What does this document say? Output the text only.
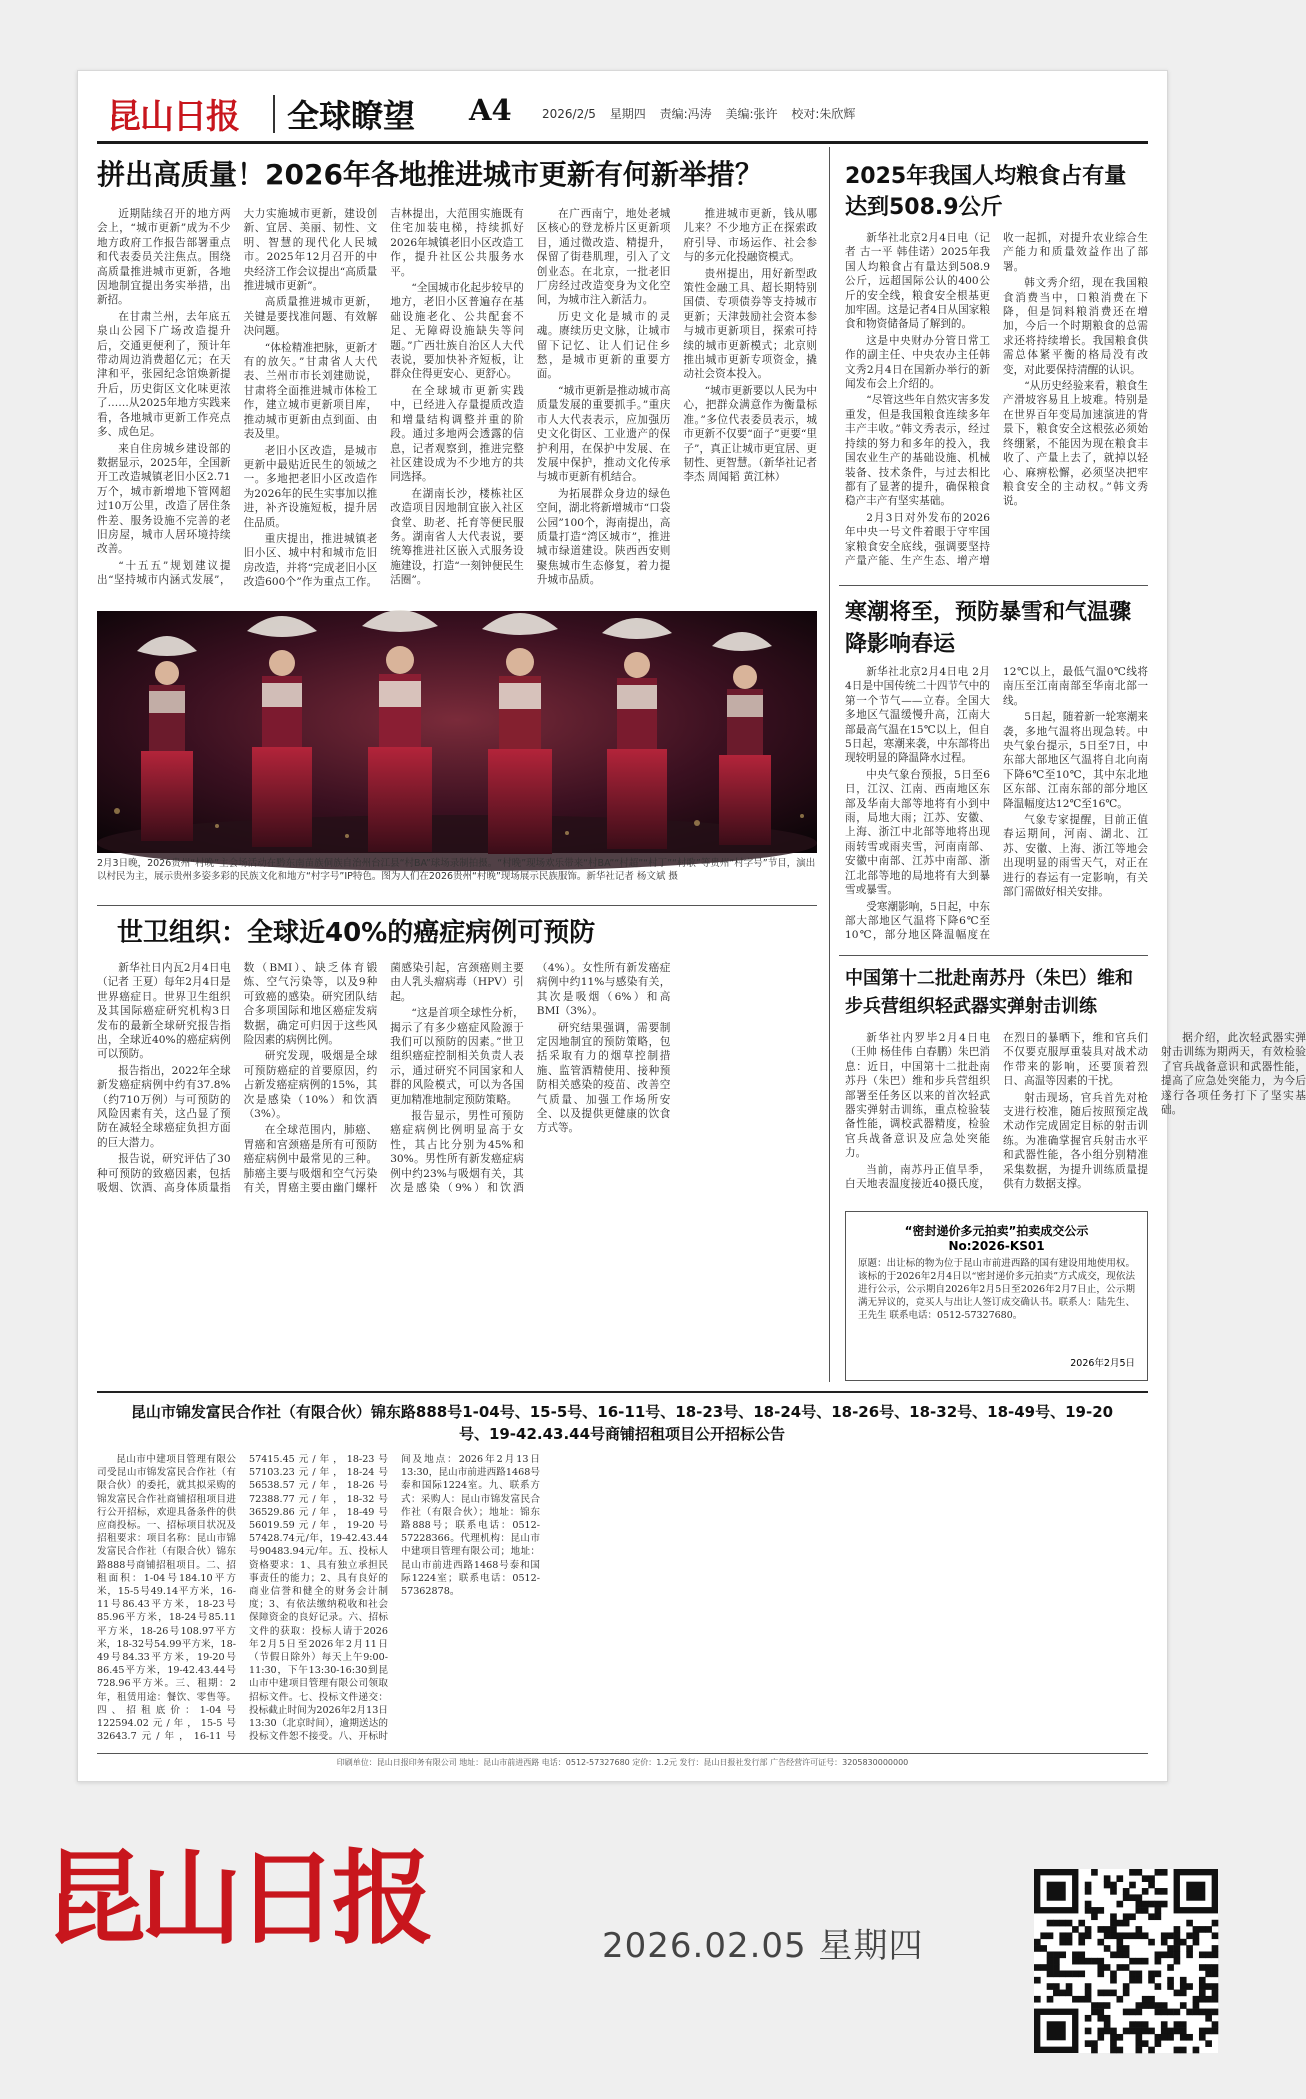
昆山日报 全球瞭望 A4	2026/2/5 星期四 责编:冯涛 美编:张许 校对:朱欣辉
拼出高质量！2026年各地推进城市更新有何新举措？

近期陆续召开的地方两会上，“城市更新”成为不少地方政府工作报告部署重点和代表委员关注焦点。围绕高质量推进城市更新，各地因地制宜提出务实举措，出新招。

在甘肃兰州，去年底五泉山公园下广场改造提升后，交通更便利了，预计年带动周边消费超亿元；在天津和平，张园纪念馆焕新提升后，历史街区文化味更浓了……从2025年地方实践来看，各地城市更新工作亮点多、成色足。

来自住房城乡建设部的数据显示，2025年，全国新开工改造城镇老旧小区2.71万个，城市新增地下管网超过10万公里，改造了居住条件差、服务设施不完善的老旧房屋，城市人居环境持续改善。

“十五五”规划建议提出“坚持城市内涵式发展”，大力实施城市更新，建设创新、宜居、美丽、韧性、文明、智慧的现代化人民城市。2025年12月召开的中央经济工作会议提出“高质量推进城市更新”。

高质量推进城市更新，关键是要找准问题、有效解决问题。

“体检精准把脉，更新才有的放矢。”甘肃省人大代表、兰州市市长刘建勋说，甘肃将全面推进城市体检工作，建立城市更新项目库，推动城市更新由点到面、由表及里。

老旧小区改造，是城市更新中最贴近民生的领域之一。多地把老旧小区改造作为2026年的民生实事加以推进，补齐设施短板，提升居住品质。

重庆提出，推进城镇老旧小区、城中村和城市危旧房改造，并将“完成老旧小区改造600个”作为重点工作。吉林提出，大范围实施既有住宅加装电梯，持续抓好2026年城镇老旧小区改造工作，提升社区公共服务水平。

“全国城市化起步较早的地方，老旧小区普遍存在基础设施老化、公共配套不足、无障碍设施缺失等问题。”广西壮族自治区人大代表说，要加快补齐短板，让群众住得更安心、更舒心。

在全球城市更新实践中，已经进入存量提质改造和增量结构调整并重的阶段。通过多地两会透露的信息，记者观察到，推进完整社区建设成为不少地方的共同选择。

在湖南长沙，楼栋社区改造项目因地制宜嵌入社区食堂、助老、托育等便民服务。湖南省人大代表说，要统筹推进社区嵌入式服务设施建设，打造“一刻钟便民生活圈”。

在广西南宁，地处老城区核心的登龙桥片区更新项目，通过微改造、精提升，保留了街巷肌理，引入了文创业态。在北京，一批老旧厂房经过改造变身为文化空间，为城市注入新活力。

历史文化是城市的灵魂。赓续历史文脉，让城市留下记忆、让人们记住乡愁，是城市更新的重要方面。

“城市更新是推动城市高质量发展的重要抓手。”重庆市人大代表表示，应加强历史文化街区、工业遗产的保护利用，在保护中发展、在发展中保护，推动文化传承与城市更新有机结合。

为拓展群众身边的绿色空间，湖北将新增城市“口袋公园”100个，海南提出，高质量打造“湾区城市”，推进城市绿道建设。陕西西安则聚焦城市生态修复，着力提升城市品质。

推进城市更新，钱从哪儿来？不少地方正在探索政府引导、市场运作、社会参与的多元化投融资模式。

贵州提出，用好新型政策性金融工具、超长期特别国债、专项债券等支持城市更新；天津鼓励社会资本参与城市更新项目，探索可持续的城市更新模式；北京则推出城市更新专项资金，撬动社会资本投入。

“城市更新要以人民为中心，把群众满意作为衡量标准。”多位代表委员表示，城市更新不仅要“面子”更要“里子”，真正让城市更宜居、更韧性、更智慧。（新华社记者 李杰 周闻韬 黄江林）

2月3日晚，2026贵州“村晚”主会场活动在黔东南苗族侗族自治州台江县“村BA”球场录制拍摄。“村晚”现场欢乐带来“村BA”“村超”“村丁”“村歌”等贵州“村字号”节目，演出以村民为主，展示贵州多姿多彩的民族文化和地方“村字号”IP特色。图为人们在2026贵州“村晚”现场展示民族服饰。新华社记者 杨文斌 摄
世卫组织：全球近40%的癌症病例可预防

新华社日内瓦2月4日电（记者 王夏）每年2月4日是世界癌症日。世界卫生组织及其国际癌症研究机构3日发布的最新全球研究报告指出，全球近40%的癌症病例可以预防。

报告指出，2022年全球新发癌症病例中约有37.8%（约710万例）与可预防的风险因素有关，这凸显了预防在减轻全球癌症负担方面的巨大潜力。

报告说，研究评估了30种可预防的致癌因素，包括吸烟、饮酒、高身体质量指数（BMI）、缺乏体育锻炼、空气污染等，以及9种可致癌的感染。研究团队结合多项国际和地区癌症发病数据，确定可归因于这些风险因素的病例比例。

研究发现，吸烟是全球可预防癌症的首要原因，约占新发癌症病例的15%，其次是感染（10%）和饮酒（3%）。

在全球范围内，肺癌、胃癌和宫颈癌是所有可预防癌症病例中最常见的三种。肺癌主要与吸烟和空气污染有关，胃癌主要由幽门螺杆菌感染引起，宫颈癌则主要由人乳头瘤病毒（HPV）引起。

“这是首项全球性分析，揭示了有多少癌症风险源于我们可以预防的因素。”世卫组织癌症控制相关负责人表示，通过研究不同国家和人群的风险模式，可以为各国更加精准地制定预防策略。

报告显示，男性可预防癌症病例比例明显高于女性，其占比分别为45%和30%。男性所有新发癌症病例中约23%与吸烟有关，其次是感染（9%）和饮酒（4%）。女性所有新发癌症病例中约11%与感染有关，其次是吸烟（6%）和高BMI（3%）。

研究结果强调，需要制定因地制宜的预防策略，包括采取有力的烟草控制措施、监管酒精使用、接种预防相关感染的疫苗、改善空气质量、加强工作场所安全、以及提供更健康的饮食方式等。

2025年我国人均粮食占有量达到508.9公斤

新华社北京2月4日电（记者 古一平 韩佳诺）2025年我国人均粮食占有量达到508.9公斤，远超国际公认的400公斤的安全线，粮食安全根基更加牢固。这是记者4日从国家粮食和物资储备局了解到的。

这是中央财办分管日常工作的副主任、中央农办主任韩文秀2月4日在国新办举行的新闻发布会上介绍的。

“尽管这些年自然灾害多发重发，但是我国粮食连续多年丰产丰收。”韩文秀表示，经过持续的努力和多年的投入，我国农业生产的基础设施、机械装备、技术条件，与过去相比都有了显著的提升，确保粮食稳产丰产有坚实基础。

2月3日对外发布的2026年中央一号文件着眼于守牢国家粮食安全底线，强调要坚持产量产能、生产生态、增产增收一起抓，对提升农业综合生产能力和质量效益作出了部署。

韩文秀介绍，现在我国粮食消费当中，口粮消费在下降，但是饲料粮消费还在增加，今后一个时期粮食的总需求还将持续增长。我国粮食供需总体紧平衡的格局没有改变，对此要保持清醒的认识。

“从历史经验来看，粮食生产滑坡容易且上坡难。特别是在世界百年变局加速演进的背景下，粮食安全这根弦必须始终绷紧，不能因为现在粮食丰收了、产量上去了，就掉以轻心、麻痹松懈，必须坚决把牢粮食安全的主动权。”韩文秀说。

寒潮将至，预防暴雪和气温骤降影响春运

新华社北京2月4日电 2月4日是中国传统二十四节气中的第一个节气——立春。全国大多地区气温缓慢升高，江南大部最高气温在15℃以上，但自5日起，寒潮来袭，中东部将出现较明显的降温降水过程。

中央气象台预报，5日至6日，江汉、江南、西南地区东部及华南大部等地将有小到中雨，局地大雨；江苏、安徽、上海、浙江中北部等地将出现雨转雪或雨夹雪，河南南部、安徽中南部、江苏中南部、浙江北部等地的局地将有大到暴雪或暴雪。

受寒潮影响，5日起，中东部大部地区气温将下降6℃至10℃，部分地区降温幅度在12℃以上，最低气温0℃线将南压至江南南部至华南北部一线。

5日起，随着新一轮寒潮来袭，多地气温将出现急转。中央气象台提示，5日至7日，中东部大部地区气温将自北向南下降6℃至10℃，其中东北地区东部、江南东部的部分地区降温幅度达12℃至16℃。

气象专家提醒，目前正值春运期间，河南、湖北、江苏、安徽、上海、浙江等地会出现明显的雨雪天气，对正在进行的春运有一定影响，有关部门需做好相关安排。

中国第十二批赴南苏丹（朱巴）维和步兵营组织轻武器实弹射击训练

新华社内罗毕2月4日电（王帅 杨佳伟 白春鹏）朱巴消息：近日，中国第十二批赴南苏丹（朱巴）维和步兵营组织部署至任务区以来的首次轻武器实弹射击训练，重点检验装备性能，调校武器精度，检验官兵战备意识及应急处突能力。

当前，南苏丹正值旱季，白天地表温度接近40摄氏度，在烈日的暴晒下，维和官兵们不仅要克服厚重装具对战术动作带来的影响，还要顶着烈日、高温等因素的干扰。

射击现场，官兵首先对枪支进行校准，随后按照预定战术动作完成固定目标的射击训练。为准确掌握官兵射击水平和武器性能，各小组分别精准采集数据，为提升训练质量提供有力数据支撑。

据介绍，此次轻武器实弹射击训练为期两天，有效检验了官兵战备意识和武器性能，提高了应急处突能力，为今后遂行各项任务打下了坚实基础。

“密封递价多元拍卖”拍卖成交公示
No:2026-KS01
原题：出让标的物为位于昆山市前进西路的国有建设用地使用权。该标的于2026年2月4日以“密封递价多元拍卖”方式成交，现依法进行公示，公示期自2026年2月5日至2026年2月7日止，公示期满无异议的，竞买人与出让人签订成交确认书。联系人：陆先生、王先生 联系电话：0512-57327680。
2026年2月5日
昆山市锦发富民合作社（有限合伙）锦东路888号1-04号、15-5号、16-11号、18-23号、18-24号、18-26号、18-32号、18-49号、19-20号、19-42.43.44号商铺招租项目公开招标公告

昆山市中建项目管理有限公司受昆山市锦发富民合作社（有限合伙）的委托，就其拟采购的锦发富民合作社商铺招租项目进行公开招标，欢迎具备条件的供应商投标。一、招标项目状况及招租要求：项目名称：昆山市锦发富民合作社（有限合伙）锦东路888号商铺招租项目。二、招租面积：1-04号184.10平方米，15-5号49.14平方米，16-11号86.43平方米，18-23号85.96平方米，18-24号85.11平方米，18-26号108.97平方米，18-32号54.99平方米，18-49号84.33平方米，19-20号86.45平方米，19-42.43.44号728.96平方米。三、租期：2年，租赁用途：餐饮、零售等。四、招租底价：1-04号122594.02元/年，15-5号32643.7元/年，16-11号57415.45元/年，18-23号57103.23元/年，18-24号56538.57元/年，18-26号72388.77元/年，18-32号36529.86元/年，18-49号56019.59元/年，19-20号57428.74元/年，19-42.43.44号90483.94元/年。五、投标人资格要求：1、具有独立承担民事责任的能力；2、具有良好的商业信誉和健全的财务会计制度；3、有依法缴纳税收和社会保障资金的良好记录。六、招标文件的获取：投标人请于2026年2月5日至2026年2月11日（节假日除外）每天上午9:00-11:30，下午13:30-16:30到昆山市中建项目管理有限公司领取招标文件。七、投标文件递交：投标截止时间为2026年2月13日13:30（北京时间），逾期送达的投标文件恕不接受。八、开标时间及地点：2026年2月13日13:30，昆山市前进西路1468号泰和国际1224室。九、联系方式：采购人：昆山市锦发富民合作社（有限合伙）；地址：锦东路888号；联系电话：0512-57228366。代理机构：昆山市中建项目管理有限公司；地址：昆山市前进西路1468号泰和国际1224室；联系电话：0512-57362878。

印刷单位：昆山日报印务有限公司 地址：昆山市前进西路 电话：0512-57327680 定价：1.2元 发行：昆山日报社发行部 广告经营许可证号：3205830000000
昆山日报	2026.02.05 星期四
